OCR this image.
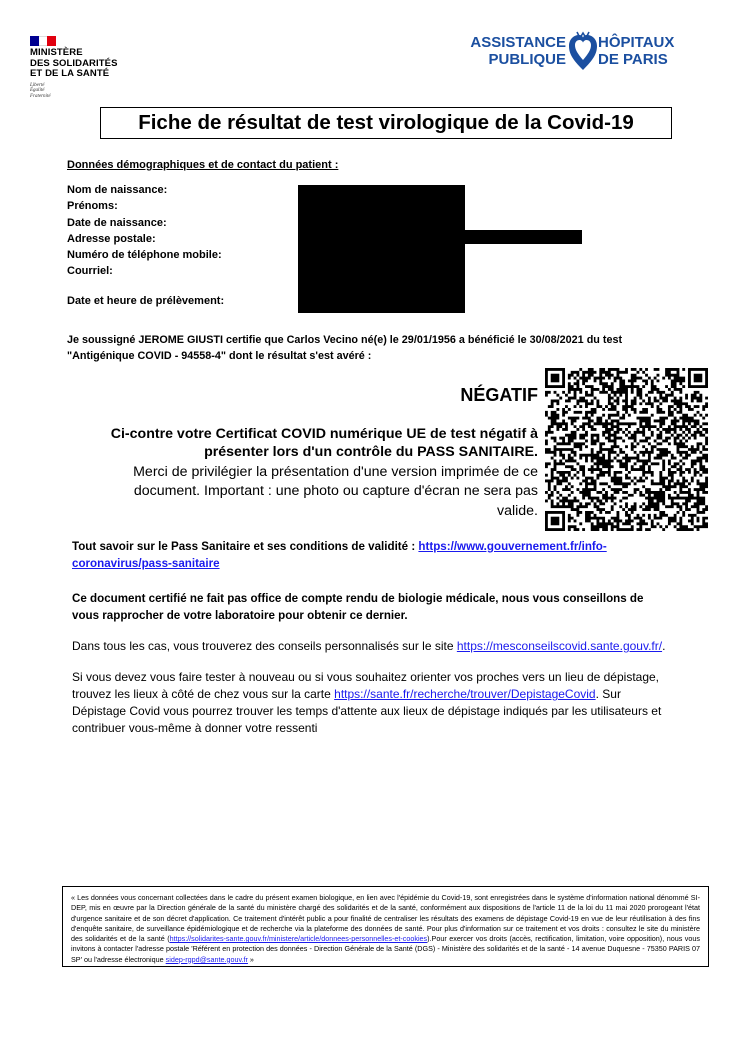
MINISTÈRE
DES SOLIDARITÉS
ET DE LA SANTÉ
Liberté
Égalité
Fraternité
ASSISTANCE
PUBLIQUE
HÔPITAUX
DE PARIS
Fiche de résultat de test virologique de la Covid-19
Données démographiques et de contact du patient :
Nom de naissance:
Prénoms:
Date de naissance:
Adresse postale:
Numéro de téléphone mobile:
Courriel:
Date et heure de prélèvement:
Je soussigné JEROME GIUSTI certifie que Carlos Vecino né(e) le 29/01/1956 a bénéficié le 30/08/2021 du test
"Antigénique COVID - 94558-4" dont le résultat s'est avéré :
NÉGATIF
Ci-contre votre Certificat COVID numérique UE de test négatif à
présenter lors d'un contrôle du PASS SANITAIRE.
Merci de privilégier la présentation d'une version imprimée de ce
document. Important : une photo ou capture d'écran ne sera pas
valide.
Tout savoir sur le Pass Sanitaire et ses conditions de validité : https://www.gouvernement.fr/info-
coronavirus/pass-sanitaire
Ce document certifié ne fait pas office de compte rendu de biologie médicale, nous vous conseillons de
vous rapprocher de votre laboratoire pour obtenir ce dernier.
Dans tous les cas, vous trouverez des conseils personnalisés sur le site https://mesconseilscovid.sante.gouv.fr/.
Si vous devez vous faire tester à nouveau ou si vous souhaitez orienter vos proches vers un lieu de dépistage,
trouvez les lieux à côté de chez vous sur la carte https://sante.fr/recherche/trouver/DepistageCovid. Sur
Dépistage Covid vous pourrez trouver les temps d'attente aux lieux de dépistage indiqués par les utilisateurs et
contribuer vous-même à donner votre ressenti
« Les données vous concernant collectées dans le cadre du présent examen biologique, en lien avec l'épidémie du Covid-19, sont enregistrées dans le système d'information national dénommé SI-DEP, mis en œuvre par la Direction générale de la santé du ministère chargé des solidarités et de la santé, conformément aux dispositions de l'article 11 de la loi du 11 mai 2020 prorogeant l'état d'urgence sanitaire et de son décret d'application. Ce traitement d'intérêt public a pour finalité de centraliser les résultats des examens de dépistage Covid-19 en vue de leur réutilisation à des fins d'enquête sanitaire, de surveillance épidémiologique et de recherche via la plateforme des données de santé. Pour plus d'information sur ce traitement et vos droits : consultez le site du ministère des solidarités et de la santé (https://solidarites-sante.gouv.fr/ministere/article/donnees-personnelles-et-cookies).Pour exercer vos droits (accès, rectification, limitation, voire opposition), nous vous invitons à contacter l'adresse postale 'Référent en protection des données - Direction Générale de la Santé (DGS) - Ministère des solidarités et de la santé - 14 avenue Duquesne - 75350 PARIS 07 SP' ou l'adresse électronique sidep-rgpd@sante.gouv.fr »
